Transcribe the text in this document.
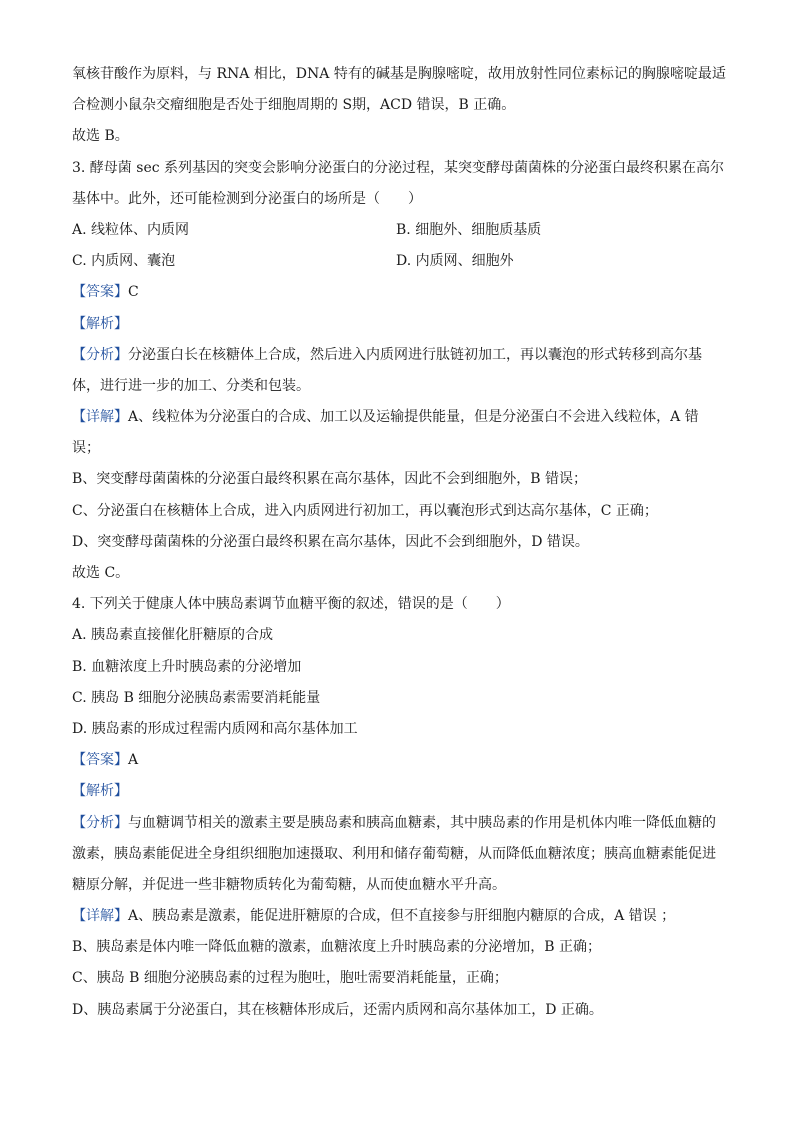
氧核苷酸作为原料，与 RNA 相比，DNA 特有的碱基是胸腺嘧啶，故用放射性同位素标记的胸腺嘧啶最适
合检测小鼠杂交瘤细胞是否处于细胞周期的 S期，ACD 错误，B 正确。
故选 B。
3. 酵母菌 sec 系列基因的突变会影响分泌蛋白的分泌过程，某突变酵母菌菌株的分泌蛋白最终积累在高尔
基体中。此外，还可能检测到分泌蛋白的场所是（　　）
A. 线粒体、内质网	B. 细胞外、细胞质基质
C. 内质网、囊泡	D. 内质网、细胞外
【答案】C
【解析】
【分析】分泌蛋白长在核糖体上合成，然后进入内质网进行肽链初加工，再以囊泡的形式转移到高尔基
体，进行进一步的加工、分类和包装。
【详解】A、线粒体为分泌蛋白的合成、加工以及运输提供能量，但是分泌蛋白不会进入线粒体，A 错
误；
B、突变酵母菌菌株的分泌蛋白最终积累在高尔基体，因此不会到细胞外，B 错误；
C、分泌蛋白在核糖体上合成，进入内质网进行初加工，再以囊泡形式到达高尔基体，C 正确；
D、突变酵母菌菌株的分泌蛋白最终积累在高尔基体，因此不会到细胞外，D 错误。
故选 C。
4. 下列关于健康人体中胰岛素调节血糖平衡的叙述，错误的是（　　）
A. 胰岛素直接催化肝糖原的合成
B. 血糖浓度上升时胰岛素的分泌增加
C. 胰岛 B 细胞分泌胰岛素需要消耗能量
D. 胰岛素的形成过程需内质网和高尔基体加工
【答案】A
【解析】
【分析】与血糖调节相关的激素主要是胰岛素和胰高血糖素，其中胰岛素的作用是机体内唯一降低血糖的
激素，胰岛素能促进全身组织细胞加速摄取、利用和储存葡萄糖，从而降低血糖浓度；胰高血糖素能促进
糖原分解，并促进一些非糖物质转化为葡萄糖，从而使血糖水平升高。
【详解】A、胰岛素是激素，能促进肝糖原的合成，但不直接参与肝细胞内糖原的合成，A 错误 ；
B、胰岛素是体内唯一降低血糖的激素，血糖浓度上升时胰岛素的分泌增加，B 正确；
C、胰岛 B 细胞分泌胰岛素的过程为胞吐，胞吐需要消耗能量，正确；
D、胰岛素属于分泌蛋白，其在核糖体形成后，还需内质网和高尔基体加工，D 正确。
